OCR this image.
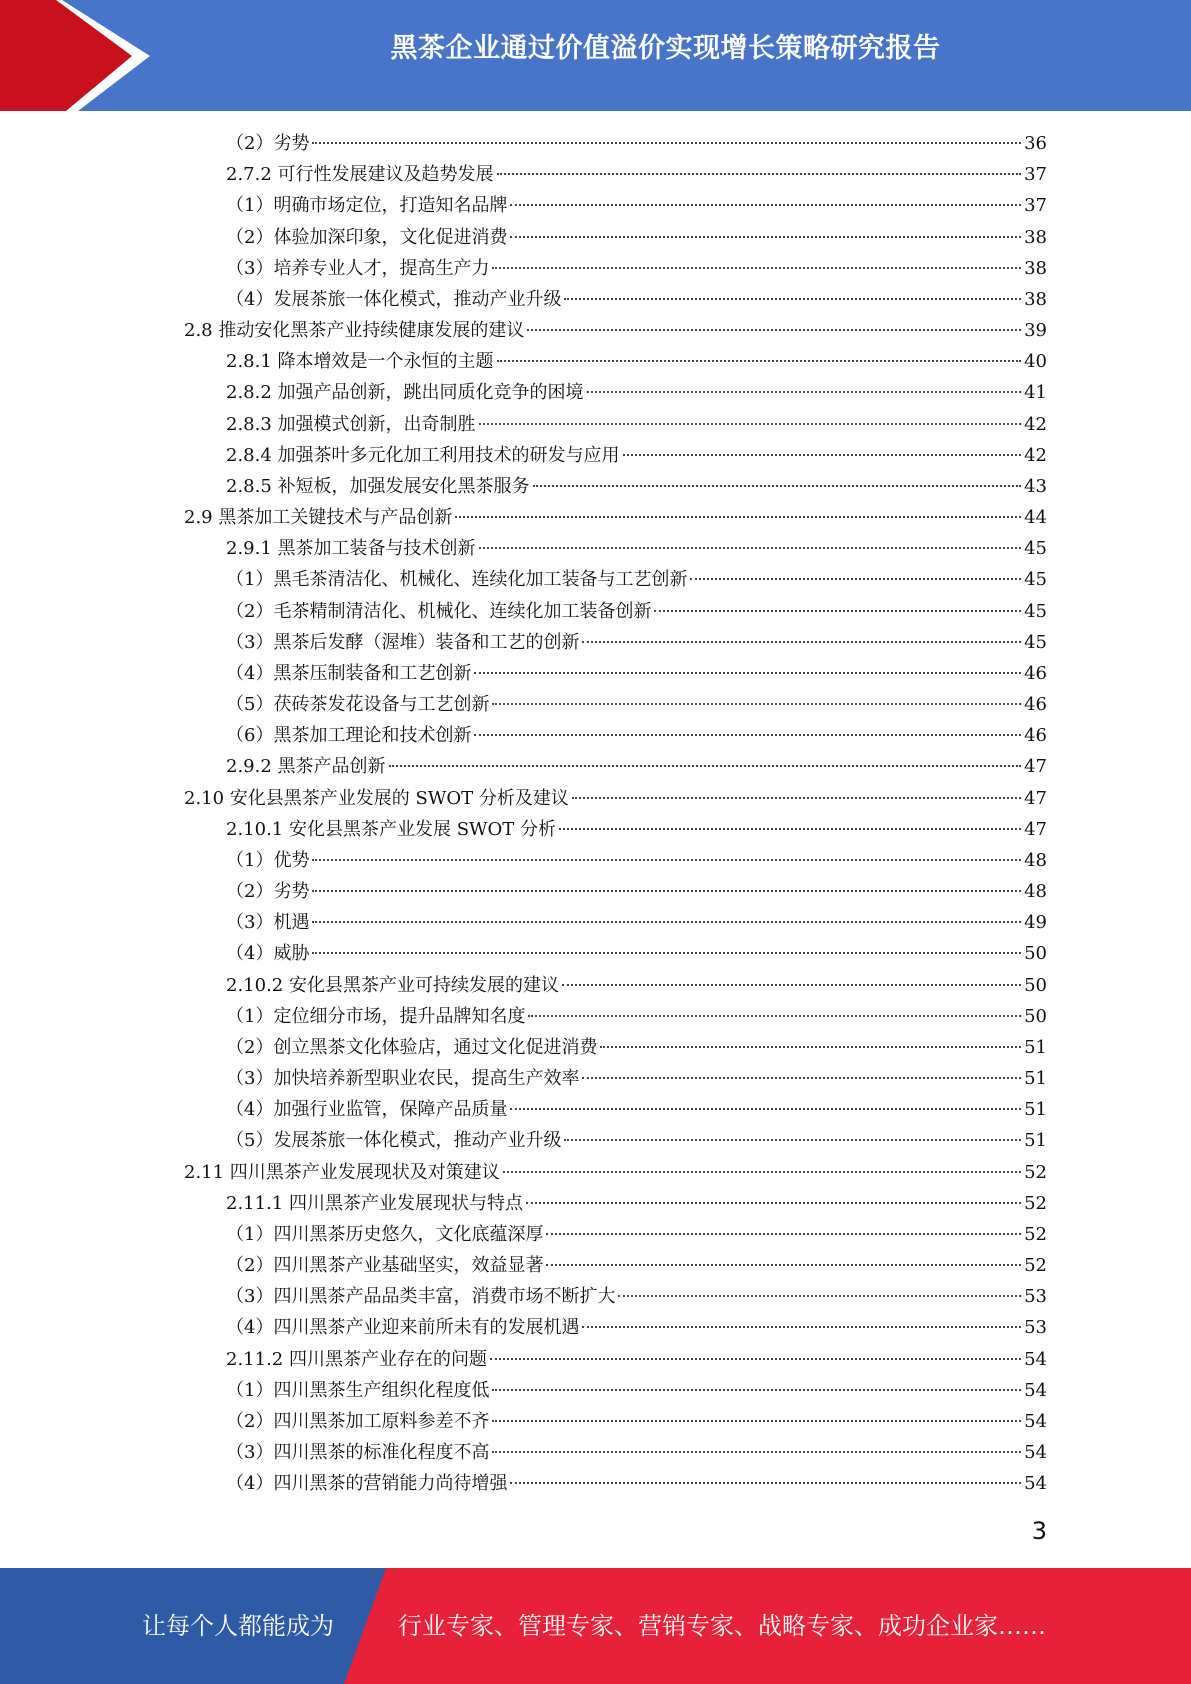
黑茶企业通过价值溢价实现增长策略研究报告
（2）劣势	36
2.7.2 可行性发展建议及趋势发展	37
（1）明确市场定位，打造知名品牌	37
（2）体验加深印象，文化促进消费	38
（3）培养专业人才，提高生产力	38
（4）发展茶旅一体化模式，推动产业升级	38
2.8 推动安化黑茶产业持续健康发展的建议	39
2.8.1 降本增效是一个永恒的主题	40
2.8.2 加强产品创新，跳出同质化竞争的困境	41
2.8.3 加强模式创新，出奇制胜	42
2.8.4 加强茶叶多元化加工利用技术的研发与应用	42
2.8.5 补短板，加强发展安化黑茶服务	43
2.9 黑茶加工关键技术与产品创新	44
2.9.1 黑茶加工装备与技术创新	45
（1）黑毛茶清洁化、机械化、连续化加工装备与工艺创新	45
（2）毛茶精制清洁化、机械化、连续化加工装备创新	45
（3）黑茶后发酵（渥堆）装备和工艺的创新	45
（4）黑茶压制装备和工艺创新	46
（5）茯砖茶发花设备与工艺创新	46
（6）黑茶加工理论和技术创新	46
2.9.2 黑茶产品创新	47
2.10 安化县黑茶产业发展的 SWOT 分析及建议	47
2.10.1 安化县黑茶产业发展 SWOT 分析	47
（1）优势	48
（2）劣势	48
（3）机遇	49
（4）威胁	50
2.10.2 安化县黑茶产业可持续发展的建议	50
（1）定位细分市场，提升品牌知名度	50
（2）创立黑茶文化体验店，通过文化促进消费	51
（3）加快培养新型职业农民，提高生产效率	51
（4）加强行业监管，保障产品质量	51
（5）发展茶旅一体化模式，推动产业升级	51
2.11 四川黑茶产业发展现状及对策建议	52
2.11.1 四川黑茶产业发展现状与特点	52
（1）四川黑茶历史悠久，文化底蕴深厚	52
（2）四川黑茶产业基础坚实，效益显著	52
（3）四川黑茶产品品类丰富，消费市场不断扩大	53
（4）四川黑茶产业迎来前所未有的发展机遇	53
2.11.2 四川黑茶产业存在的问题	54
（1）四川黑茶生产组织化程度低	54
（2）四川黑茶加工原料参差不齐	54
（3）四川黑茶的标准化程度不高	54
（4）四川黑茶的营销能力尚待增强	54
3
让每个人都能成为	行业专家、管理专家、营销专家、战略专家、成功企业家……
